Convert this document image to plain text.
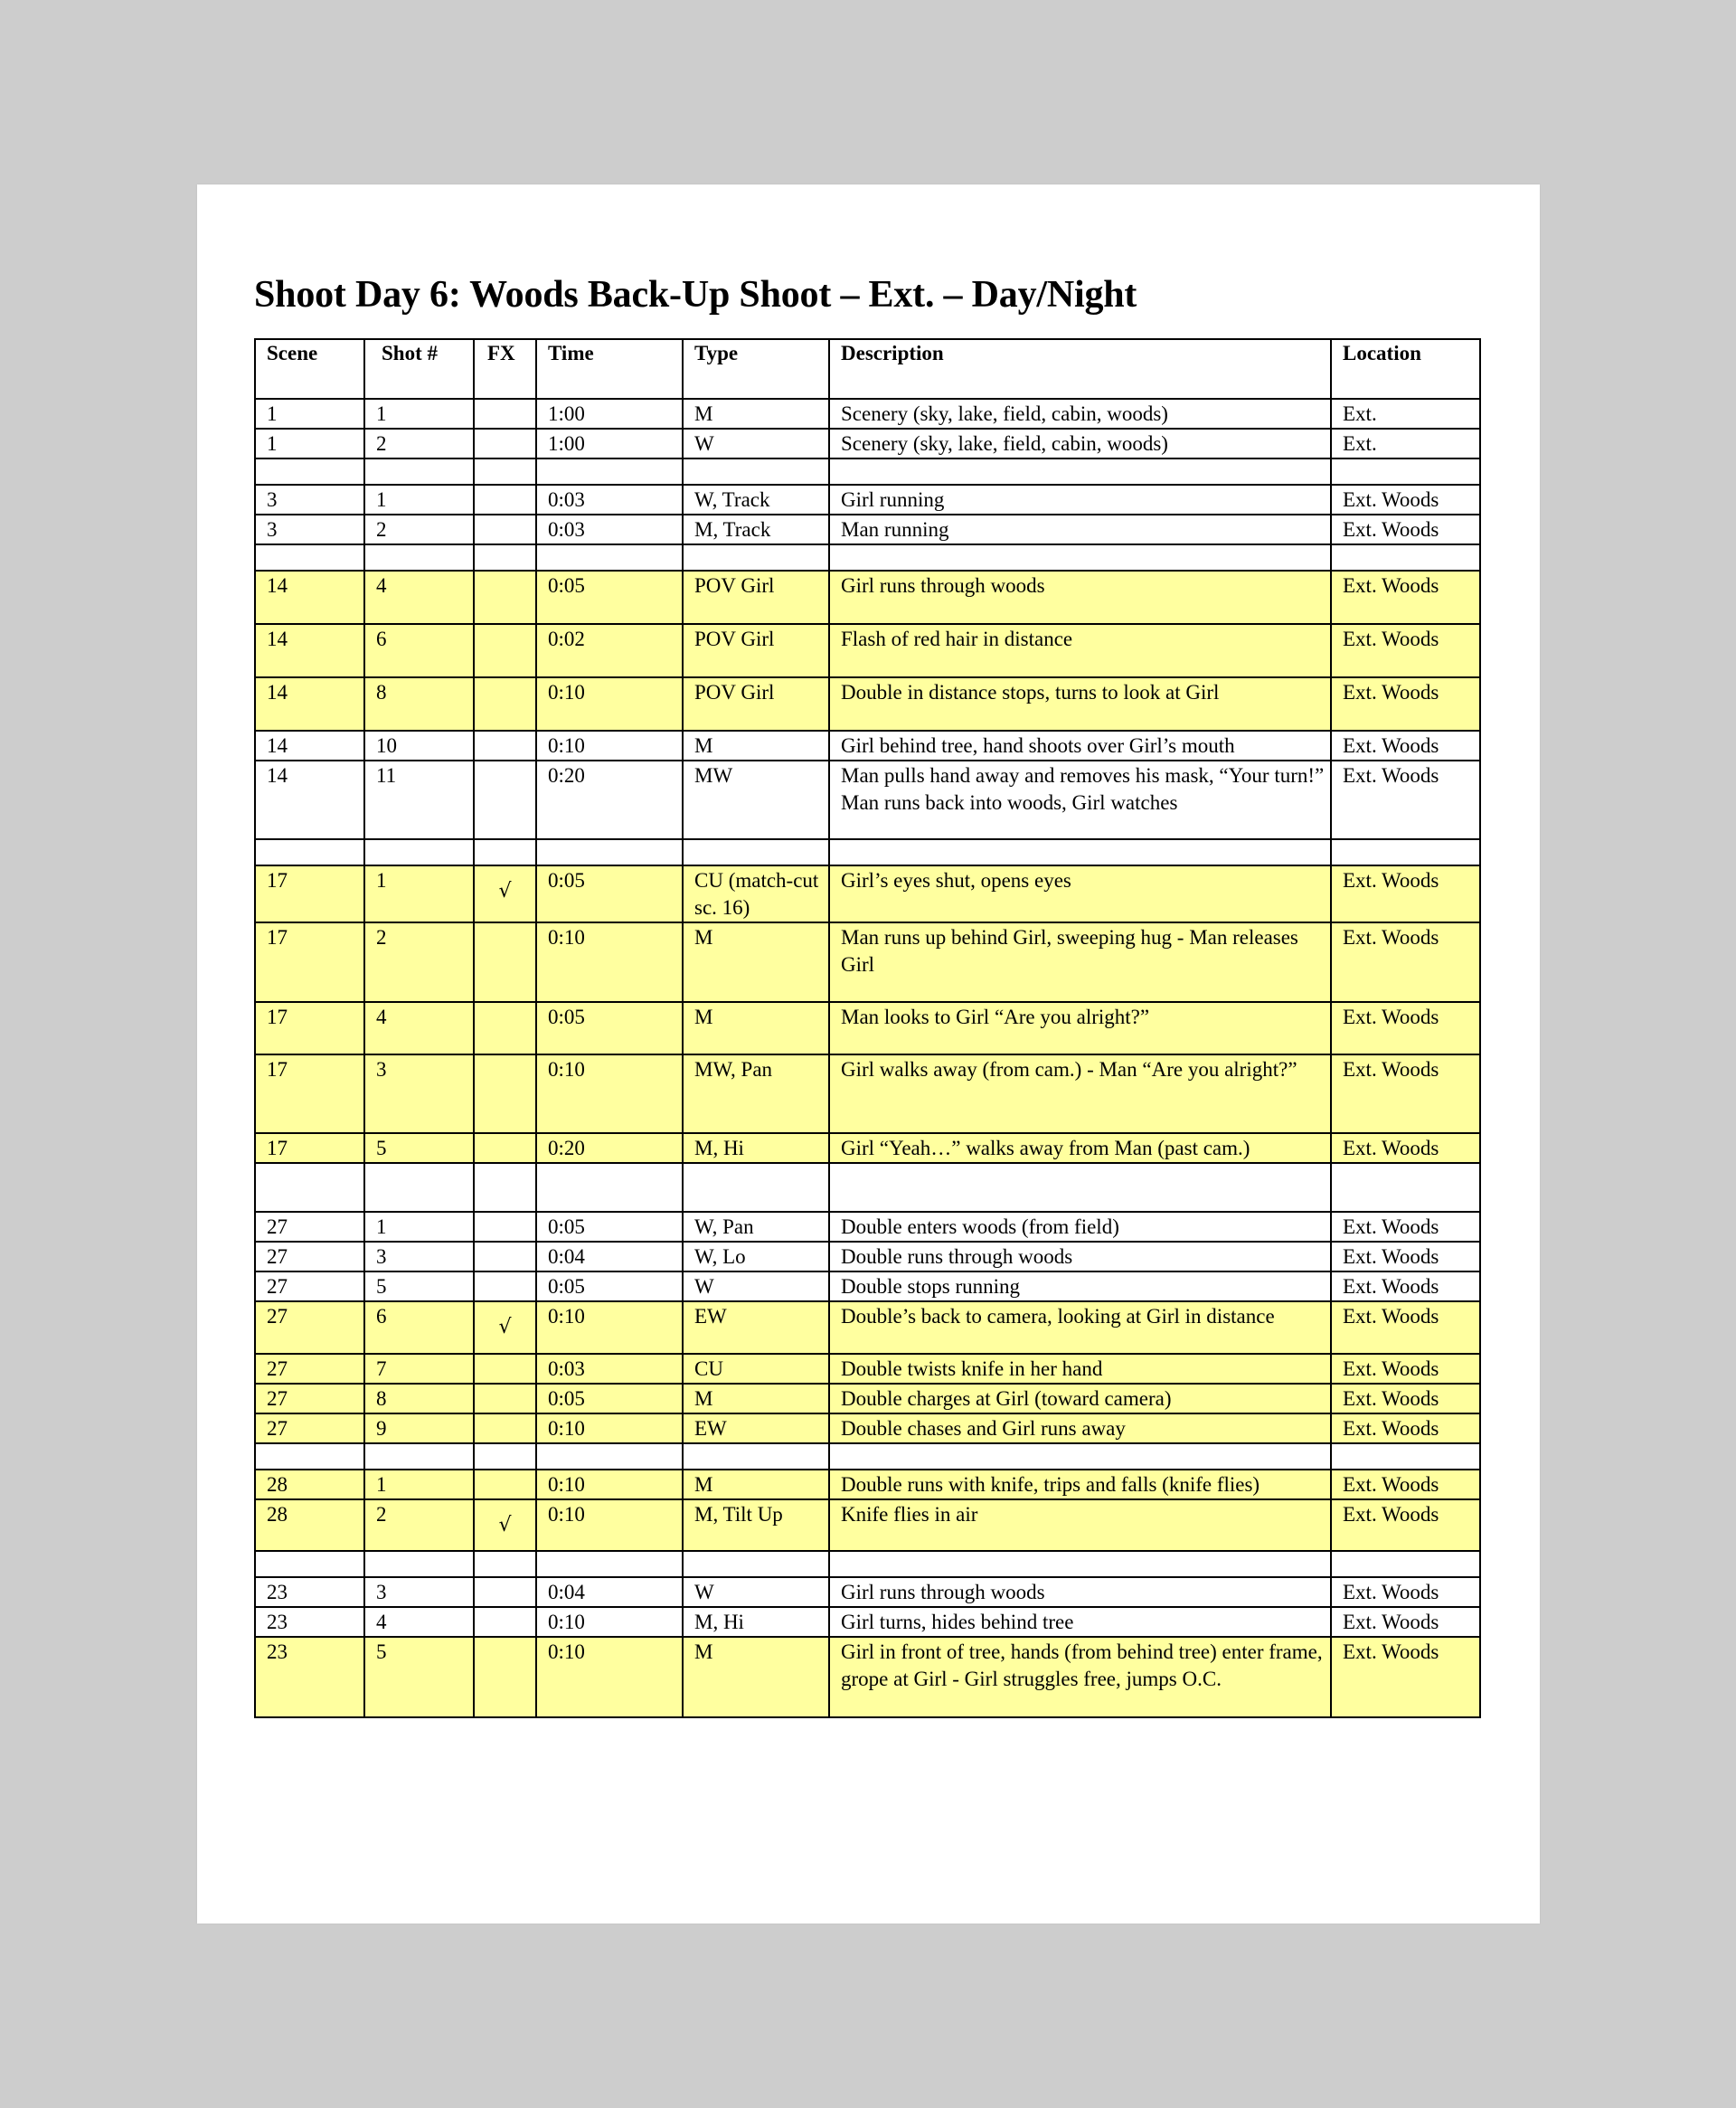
Shoot Day 6: Woods Back-Up Shoot – Ext. – Day/Night
Scene	Shot #	FX	Time	Type	Description	Location
1	1		1:00	M	Scenery (sky, lake, field, cabin, woods)	Ext.
1	2		1:00	W	Scenery (sky, lake, field, cabin, woods)	Ext.

3	1		0:03	W, Track	Girl running	Ext. Woods
3	2		0:03	M, Track	Man running	Ext. Woods

14	4		0:05	POV Girl	Girl runs through woods	Ext. Woods
14	6		0:02	POV Girl	Flash of red hair in distance	Ext. Woods
14	8		0:10	POV Girl	Double in distance stops, turns to look at Girl	Ext. Woods
14	10		0:10	M	Girl behind tree, hand shoots over Girl’s mouth	Ext. Woods
14	11		0:20	MW	Man pulls hand away and removes his mask, “Your turn!” Man runs back into woods, Girl watches	Ext. Woods

17	1	√	0:05	CU (match-cut sc. 16)	Girl’s eyes shut, opens eyes	Ext. Woods
17	2		0:10	M	Man runs up behind Girl, sweeping hug - Man releases Girl	Ext. Woods
17	4		0:05	M	Man looks to Girl “Are you alright?”	Ext. Woods
17	3		0:10	MW, Pan	Girl walks away (from cam.) - Man “Are you alright?”	Ext. Woods
17	5		0:20	M, Hi	Girl “Yeah…” walks away from Man (past cam.)	Ext. Woods

27	1		0:05	W, Pan	Double enters woods (from field)	Ext. Woods
27	3		0:04	W, Lo	Double runs through woods	Ext. Woods
27	5		0:05	W	Double stops running	Ext. Woods
27	6	√	0:10	EW	Double’s back to camera, looking at Girl in distance	Ext. Woods
27	7		0:03	CU	Double twists knife in her hand	Ext. Woods
27	8		0:05	M	Double charges at Girl (toward camera)	Ext. Woods
27	9		0:10	EW	Double chases and Girl runs away	Ext. Woods

28	1		0:10	M	Double runs with knife, trips and falls (knife flies)	Ext. Woods
28	2	√	0:10	M, Tilt Up	Knife flies in air	Ext. Woods

23	3		0:04	W	Girl runs through woods	Ext. Woods
23	4		0:10	M, Hi	Girl turns, hides behind tree	Ext. Woods
23	5		0:10	M	Girl in front of tree, hands (from behind tree) enter frame, grope at Girl - Girl struggles free, jumps O.C.	Ext. Woods
